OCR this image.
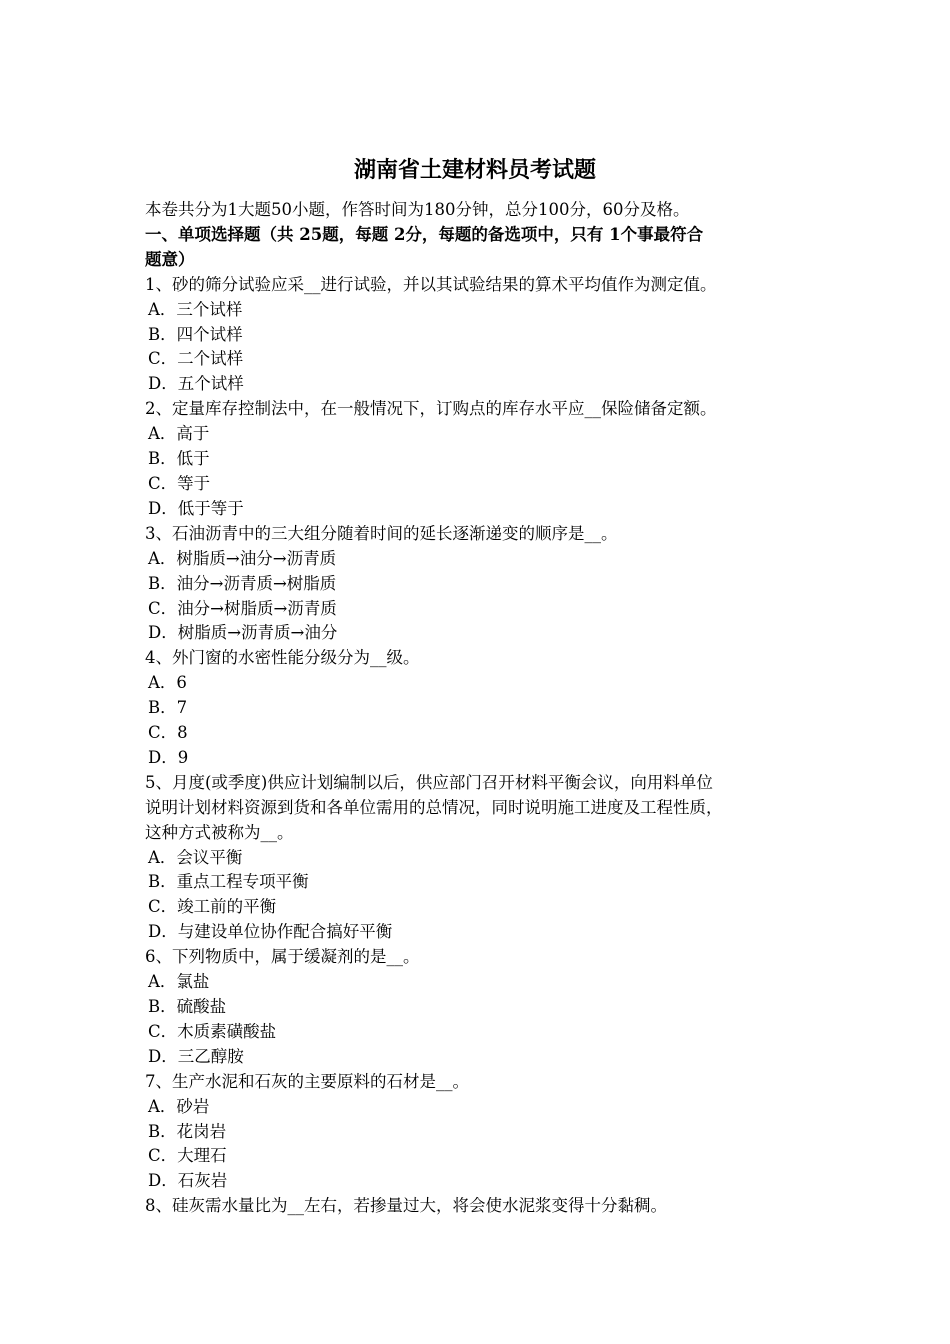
湖南省土建材料员考试题
本卷共分为1大题50小题，作答时间为180分钟，总分100分，60分及格。
一、单项选择题（共 25题，每题 2分，每题的备选项中，只有 1个事最符合
题意）
1、砂的筛分试验应采__进行试验，并以其试验结果的算术平均值作为测定值。
A．三个试样
B．四个试样
C．二个试样
D．五个试样
2、定量库存控制法中，在一般情况下，订购点的库存水平应__保险储备定额。
A．高于
B．低于
C．等于
D．低于等于
3、石油沥青中的三大组分随着时间的延长逐渐递变的顺序是__。
A．树脂质→油分→沥青质
B．油分→沥青质→树脂质
C．油分→树脂质→沥青质
D．树脂质→沥青质→油分
4、外门窗的水密性能分级分为__级。
A．6
B．7
C．8
D．9
5、月度(或季度)供应计划编制以后，供应部门召开材料平衡会议，向用料单位
说明计划材料资源到货和各单位需用的总情况，同时说明施工进度及工程性质，
这种方式被称为__。
A．会议平衡
B．重点工程专项平衡
C．竣工前的平衡
D．与建设单位协作配合搞好平衡
6、下列物质中，属于缓凝剂的是__。
A．氯盐
B．硫酸盐
C．木质素磺酸盐
D．三乙醇胺
7、生产水泥和石灰的主要原料的石材是__。
A．砂岩
B．花岗岩
C．大理石
D．石灰岩
8、硅灰需水量比为__左右，若掺量过大，将会使水泥浆变得十分黏稠。
